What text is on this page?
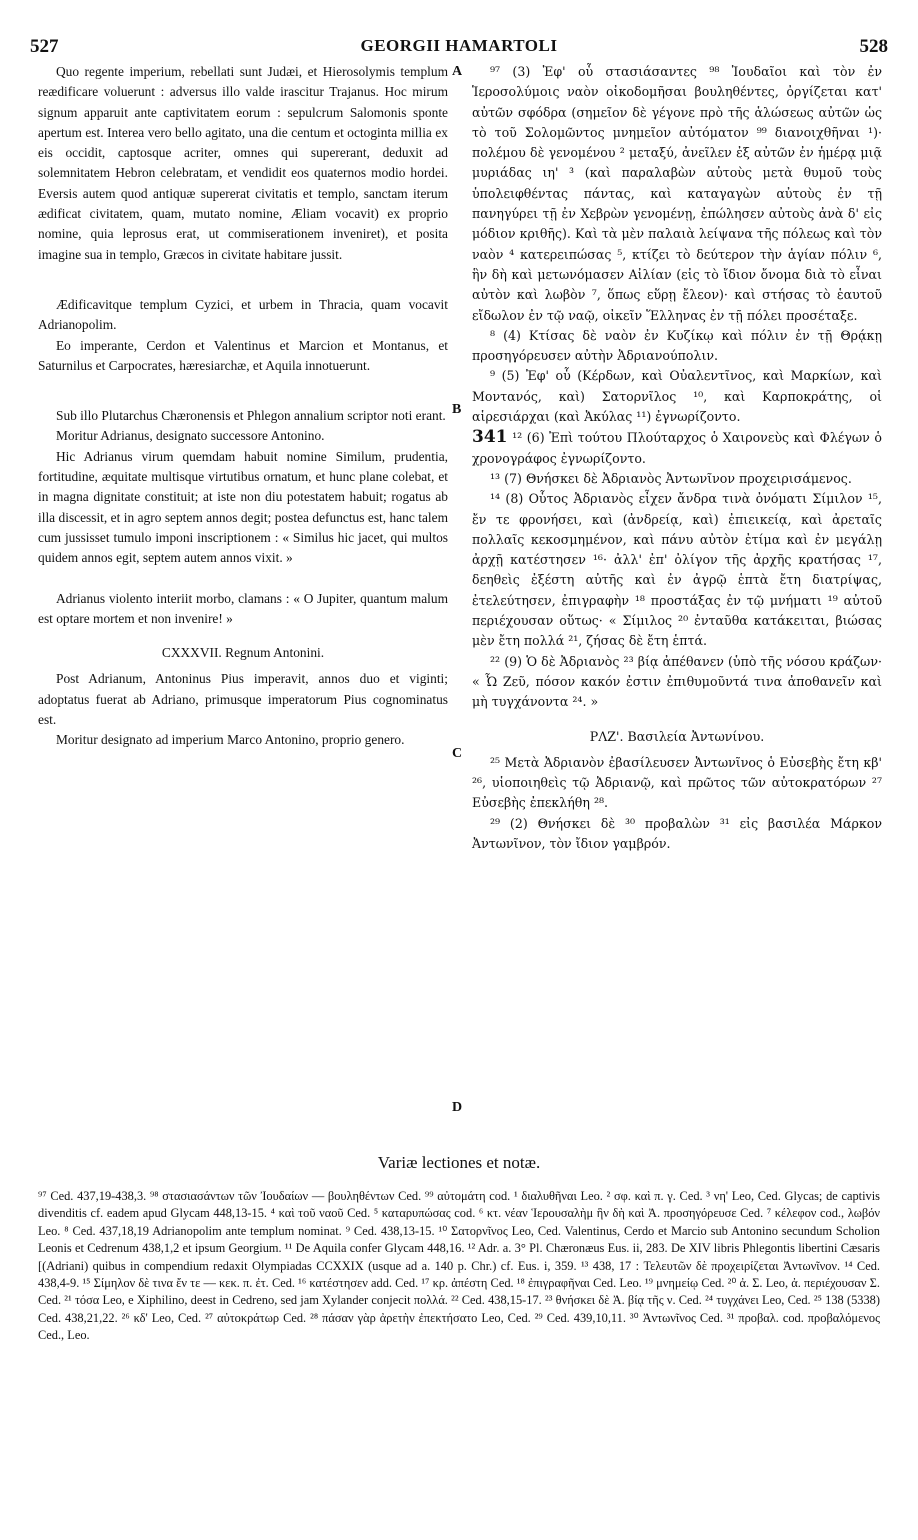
527	GEORGII HAMARTOLI	528
A
B
C
D

Quo regente imperium, rebellati sunt Judæi, et Hierosolymis templum reædificare voluerunt : adversus illo valde irascitur Trajanus. Hoc mirum signum apparuit ante captivitatem eorum : sepulcrum Salomonis sponte apertum est. Interea vero bello agitato, una die centum et octoginta millia ex eis occidit, captosque acriter, omnes qui supererant, deduxit ad solemnitatem Hebron celebratam, et vendidit eos quaternos modio hordei. Eversis autem quod antiquæ supererat civitatis et templo, sanctam iterum ædificat civitatem, quam, mutato nomine, Æliam vocavit) ex proprio nomine, quia leprosus erat, ut commiserationem inveniret), et posita imagine sua in templo, Græcos in civitate habitare jussit.

Ædificavitque templum Cyzici, et urbem in Thracia, quam vocavit Adrianopolim.

Eo imperante, Cerdon et Valentinus et Marcion et Montanus, et Saturnilus et Carpocrates, hæresiarchæ, et Aquila innotuerunt.

Sub illo Plutarchus Chæronensis et Phlegon annalium scriptor noti erant.

Moritur Adrianus, designato successore Antonino.

Hic Adrianus virum quemdam habuit nomine Similum, prudentia, fortitudine, æquitate multisque virtutibus ornatum, et hunc plane colebat, et in magna dignitate constituit; at iste non diu potestatem habuit; rogatus ab illa discessit, et in agro septem annos degit; postea defunctus est, hanc talem cum jussisset tumulo imponi inscriptionem : « Similus hic jacet, qui multos quidem annos egit, septem autem annos vixit. »

Adrianus violento interiit morbo, clamans : « O Jupiter, quantum malum est optare mortem et non invenire! »

CXXXVII. Regnum Antonini.

Post Adrianum, Antoninus Pius imperavit, annos duo et viginti; adoptatus fuerat ab Adriano, primusque imperatorum Pius cognominatus est.

Moritur designato ad imperium Marco Antonino, proprio genero.

⁹⁷ (3) Ἐφ' οὗ στασιάσαντες ⁹⁸ Ἰουδαῖοι καὶ τὸν ἐν Ἱεροσολύμοις ναὸν οἰκοδομῆσαι βουληθέντες, ὀργίζεται κατ' αὐτῶν σφόδρα (σημεῖον δὲ γέγονε πρὸ τῆς ἁλώσεως αὐτῶν ὡς τὸ τοῦ Σολομῶντος μνημεῖον αὐτόματον ⁹⁹ διανοιχθῆναι ¹)· πολέμου δὲ γενομένου ² μεταξύ, ἀνεῖλεν ἐξ αὐτῶν ἐν ἡμέρᾳ μιᾷ μυριάδας ιη' ³ (καὶ παραλαβὼν αὐτοὺς μετὰ θυμοῦ τοὺς ὑπολειφθέντας πάντας, καὶ καταγαγὼν αὐτοὺς ἐν τῇ πανηγύρει τῇ ἐν Χεβρὼν γενομένῃ, ἐπώλησεν αὐτοὺς ἀνὰ δ' εἰς μόδιον κριθῆς). Καὶ τὰ μὲν παλαιὰ λείψανα τῆς πόλεως καὶ τὸν ναὸν ⁴ κατερειπώσας ⁵, κτίζει τὸ δεύτερον τὴν ἁγίαν πόλιν ⁶, ἣν δὴ καὶ μετωνόμασεν Αἰλίαν (εἰς τὸ ἴδιον ὄνομα διὰ τὸ εἶναι αὐτὸν καὶ λωβὸν ⁷, ὅπως εὕρῃ ἔλεον)· καὶ στήσας τὸ ἑαυτοῦ εἴδωλον ἐν τῷ ναῷ, οἰκεῖν Ἕλληνας ἐν τῇ πόλει προσέταξε.

⁸ (4) Κτίσας δὲ ναὸν ἐν Κυζίκῳ καὶ πόλιν ἐν τῇ Θρᾴκῃ προσηγόρευσεν αὐτὴν Ἀδριανούπολιν.

⁹ (5) Ἐφ' οὗ (Κέρδων, καὶ Οὐαλεντῖνος, καὶ Μαρκίων, καὶ Μοντανός, καὶ) Σατορνῖλος ¹⁰, καὶ Καρποκράτης, οἱ αἱρεσιάρχαι (καὶ Ἀκύλας ¹¹) ἐγνωρίζοντο.

341 ¹² (6) Ἐπὶ τούτου Πλούταρχος ὁ Χαιρονεὺς καὶ Φλέγων ὁ χρονογράφος ἐγνωρίζοντο.

¹³ (7) Θνήσκει δὲ Ἀδριανὸς Ἀντωνῖνον προχειρισάμενος.

¹⁴ (8) Οὗτος Ἀδριανὸς εἶχεν ἄνδρα τινὰ ὀνόματι Σίμιλον ¹⁵, ἔν τε φρονήσει, καὶ (ἀνδρείᾳ, καὶ) ἐπιεικείᾳ, καὶ ἀρεταῖς πολλαῖς κεκοσμημένον, καὶ πάνυ αὐτὸν ἐτίμα καὶ ἐν μεγάλῃ ἀρχῇ κατέστησεν ¹⁶· ἀλλ' ἐπ' ὀλίγον τῆς ἀρχῆς κρατήσας ¹⁷, δεηθεὶς ἐξέστη αὐτῆς καὶ ἐν ἀγρῷ ἑπτὰ ἔτη διατρίψας, ἐτελεύτησεν, ἐπιγραφὴν ¹⁸ προστάξας ἐν τῷ μνήματι ¹⁹ αὐτοῦ περιέχουσαν οὕτως· « Σίμιλος ²⁰ ἐνταῦθα κατάκειται, βιώσας μὲν ἔτη πολλά ²¹, ζήσας δὲ ἔτη ἑπτά.

²² (9) Ὁ δὲ Ἀδριανὸς ²³ βίᾳ ἀπέθανεν (ὑπὸ τῆς νόσου κράζων· « Ὦ Ζεῦ, πόσον κακόν ἐστιν ἐπιθυμοῦντά τινα ἀποθανεῖν καὶ μὴ τυγχάνοντα ²⁴. »

ΡΛΖ'. Βασιλεία Ἀντωνίνου.

²⁵ Μετὰ Ἀδριανὸν ἐβασίλευσεν Ἀντωνῖνος ὁ Εὐσεβὴς ἔτη κβ' ²⁶, υἱοποιηθεὶς τῷ Ἀδριανῷ, καὶ πρῶτος τῶν αὐτοκρατόρων ²⁷ Εὐσεβὴς ἐπεκλήθη ²⁸.

²⁹ (2) Θνήσκει δὲ ³⁰ προβαλὼν ³¹ εἰς βασιλέα Μάρκον Ἀντωνῖνον, τὸν ἴδιον γαμβρόν.

Variæ lectiones et notæ.

⁹⁷ Ced. 437,19-438,3. ⁹⁸ στασιασάντων τῶν Ἰουδαίων — βουληθέντων Ced. ⁹⁹ αὐτομάτη cod. ¹ διαλυθῆναι Leo. ² σφ. καὶ π. γ. Ced. ³ νη' Leo, Ced. Glycas; de captivis divenditis cf. eadem apud Glycam 448,13-15. ⁴ καὶ τοῦ ναοῦ Ced. ⁵ καταρυπώσας cod. ⁶ κτ. νέαν Ἱερουσαλὴμ ἣν δὴ καὶ Ἀ. προσηγόρευσε Ced. ⁷ κέλεφον cod., λωβόν Leo. ⁸ Ced. 437,18,19 Adrianopolim ante templum nominat. ⁹ Ced. 438,13-15. ¹⁰ Σατορνῖνος Leo, Ced. Valentinus, Cerdo et Marcio sub Antonino secundum Scholion Leonis et Cedrenum 438,1,2 et ipsum Georgium. ¹¹ De Aquila confer Glycam 448,16. ¹² Adr. a. 3° Pl. Chæronæus Eus. ii, 283. De XIV libris Phlegontis libertini Cæsaris [(Adriani) quibus in compendium redaxit Olympiadas CCXXIX (usque ad a. 140 p. Chr.) cf. Eus. i, 359. ¹³ 438, 17 : Τελευτῶν δὲ προχειρίζεται Ἀντωνῖνον. ¹⁴ Ced. 438,4-9. ¹⁵ Σίμηλον δὲ τινα ἔν τε — κεκ. π. ἐτ. Ced. ¹⁶ κατέστησεν add. Ced. ¹⁷ κρ. ἀπέστη Ced. ¹⁸ ἐπιγραφῆναι Ced. Leo. ¹⁹ μνημείῳ Ced. ²⁰ ἀ. Σ. Leo, ἀ. περιέχουσαν Σ. Ced. ²¹ τόσα Leo, e Xiphilino, deest in Cedreno, sed jam Xylander conjecit πολλά. ²² Ced. 438,15-17. ²³ θνήσκει δὲ Ἀ. βίᾳ τῆς ν. Ced. ²⁴ τυγχάνει Leo, Ced. ²⁵ 138 (5338) Ced. 438,21,22. ²⁶ κδ' Leo, Ced. ²⁷ αὐτοκράτωρ Ced. ²⁸ πάσαν γὰρ ἀρετὴν ἐπεκτήσατο Leo, Ced. ²⁹ Ced. 439,10,11. ³⁰ Ἀντωνῖνος Ced. ³¹ προβαλ. cod. προβαλόμενος Ced., Leo.
